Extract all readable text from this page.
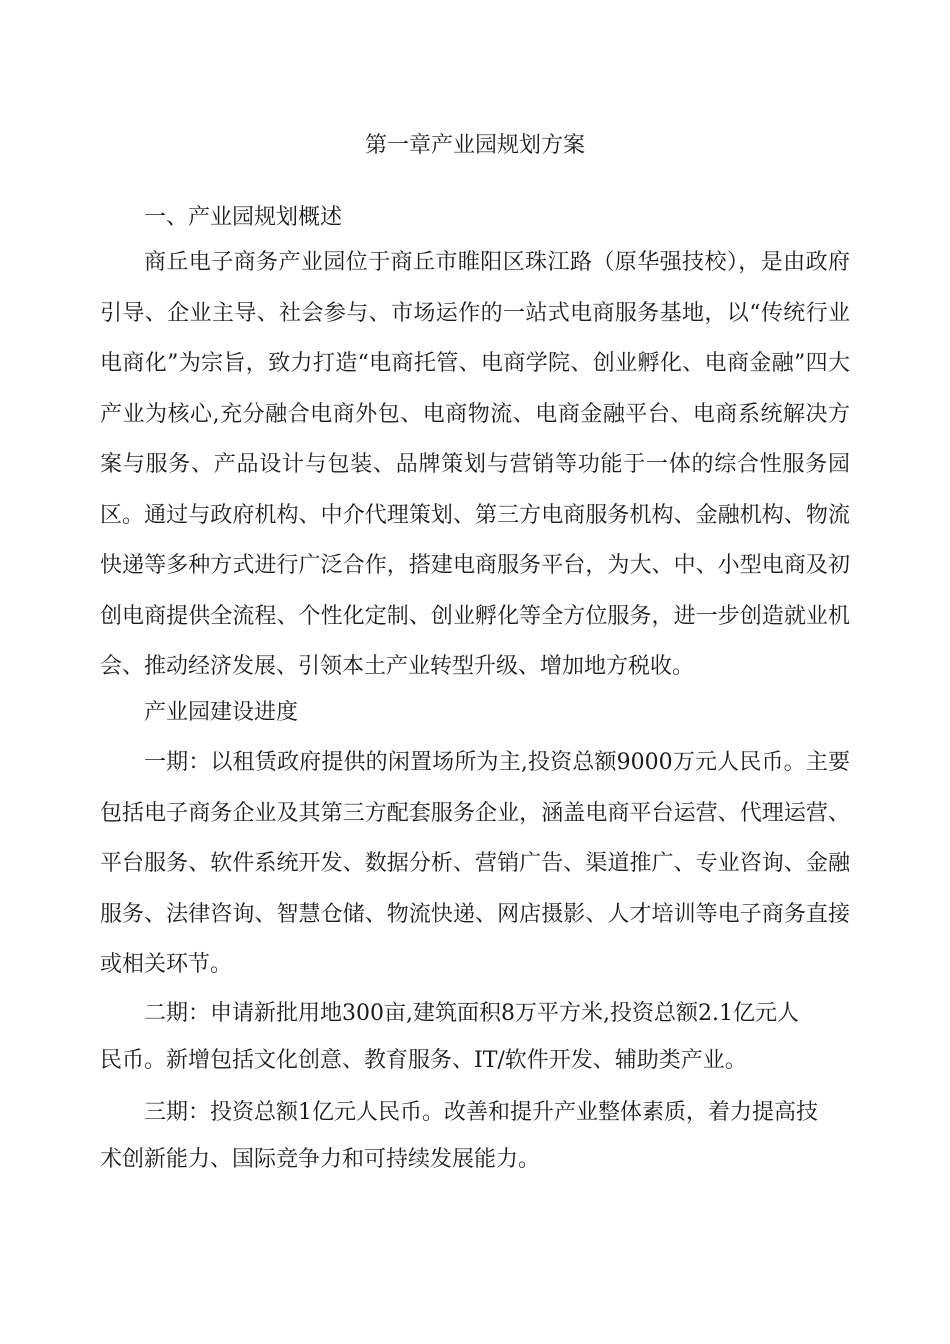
第一章产业园规划方案

一、产业园规划概述

商丘电子商务产业园位于商丘市睢阳区珠江路（原华强技校），是由政府引导、企业主导、社会参与、市场运作的一站式电商服务基地，以“传统行业电商化”为宗旨，致力打造“电商托管、电商学院、创业孵化、电商金融”四大产业为核心,充分融合电商外包、电商物流、电商金融平台、电商系统解决方案与服务、产品设计与包装、品牌策划与营销等功能于一体的综合性服务园区。通过与政府机构、中介代理策划、第三方电商服务机构、金融机构、物流快递等多种方式进行广泛合作，搭建电商服务平台，为大、中、小型电商及初创电商提供全流程、个性化定制、创业孵化等全方位服务，进一步创造就业机会、推动经济发展、引领本土产业转型升级、增加地方税收。

产业园建设进度

一期：以租赁政府提供的闲置场所为主,投资总额9000万元人民币。主要包括电子商务企业及其第三方配套服务企业，涵盖电商平台运营、代理运营、平台服务、软件系统开发、数据分析、营销广告、渠道推广、专业咨询、金融服务、法律咨询、智慧仓储、物流快递、网店摄影、人才培训等电子商务直接或相关环节。

二期：申请新批用地300亩,建筑面积8万平方米,投资总额2.1亿元人民币。新增包括文化创意、教育服务、IT/软件开发、辅助类产业。

三期：投资总额1亿元人民币。改善和提升产业整体素质，着力提高技术创新能力、国际竞争力和可持续发展能力。
